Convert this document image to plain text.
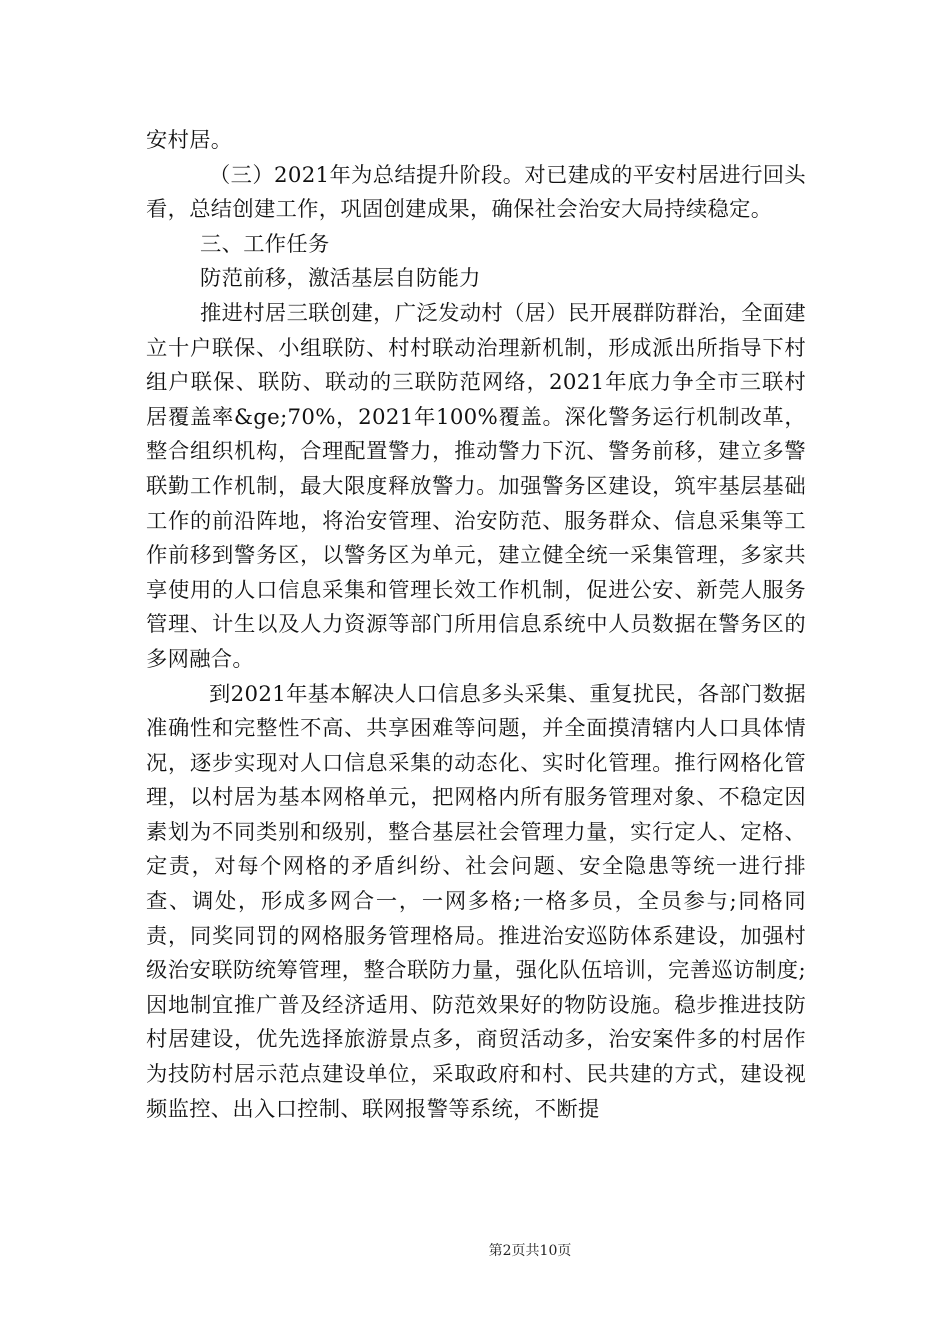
安村居。

（三）2021年为总结提升阶段。对已建成的平安村居进行回头看，总结创建工作，巩固创建成果，确保社会治安大局持续稳定。

三、工作任务

防范前移，激活基层自防能力

推进村居三联创建，广泛发动村（居）民开展群防群治，全面建立十户联保、小组联防、村村联动治理新机制，形成派出所指导下村组户联保、联防、联动的三联防范网络，2021年底力争全市三联村居覆盖率&ge;70%，2021年100%覆盖。深化警务运行机制改革，整合组织机构，合理配置警力，推动警力下沉、警务前移，建立多警联勤工作机制，最大限度释放警力。加强警务区建设，筑牢基层基础工作的前沿阵地，将治安管理、治安防范、服务群众、信息采集等工作前移到警务区，以警务区为单元，建立健全统一采集管理，多家共享使用的人口信息采集和管理长效工作机制，促进公安、新莞人服务管理、计生以及人力资源等部门所用信息系统中人员数据在警务区的多网融合。

到2021年基本解决人口信息多头采集、重复扰民，各部门数据准确性和完整性不高、共享困难等问题，并全面摸清辖内人口具体情况，逐步实现对人口信息采集的动态化、实时化管理。推行网格化管理，以村居为基本网格单元，把网格内所有服务管理对象、不稳定因素划为不同类别和级别，整合基层社会管理力量，实行定人、定格、定责，对每个网格的矛盾纠纷、社会问题、安全隐患等统一进行排查、调处，形成多网合一，一网多格;一格多员，全员参与;同格同责，同奖同罚的网格服务管理格局。推进治安巡防体系建设，加强村级治安联防统筹管理，整合联防力量，强化队伍培训，完善巡访制度;因地制宜推广普及经济适用、防范效果好的物防设施。稳步推进技防村居建设，优先选择旅游景点多，商贸活动多，治安案件多的村居作为技防村居示范点建设单位，采取政府和村、民共建的方式，建设视频监控、出入口控制、联网报警等系统，不断提

第2页共10页
